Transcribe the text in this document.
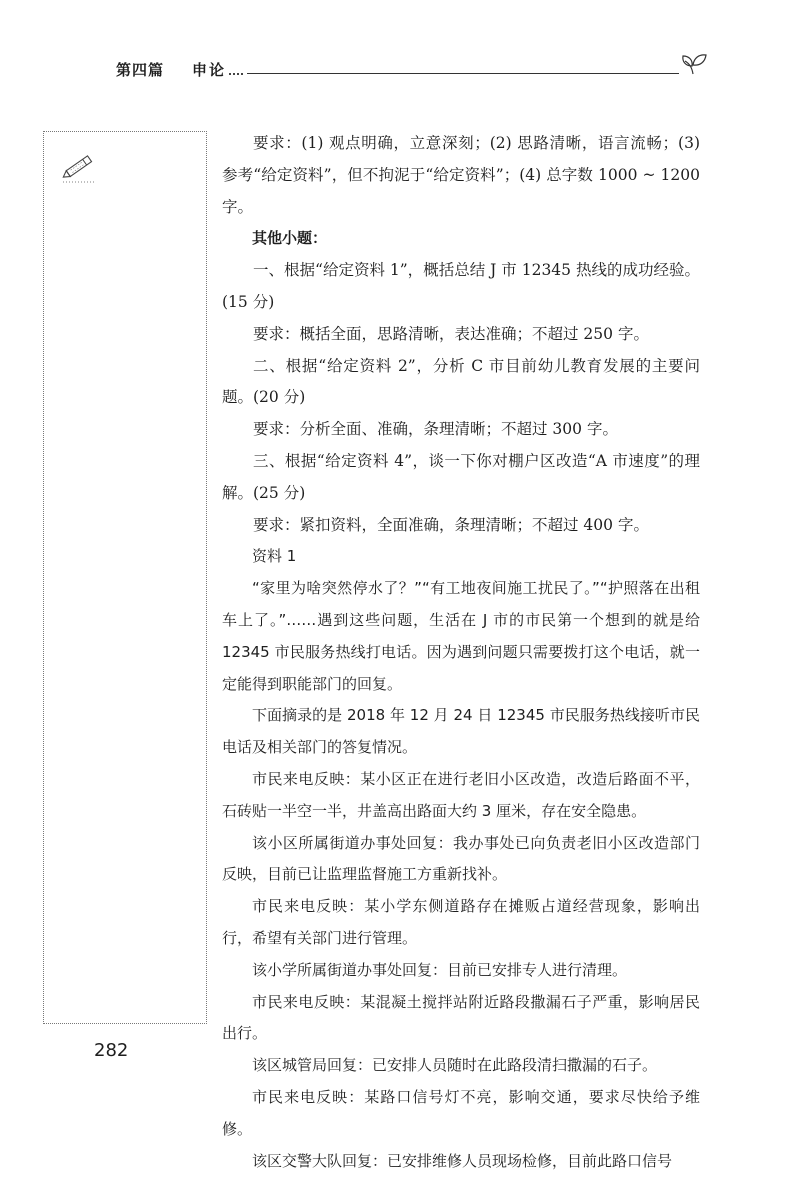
第四篇 申论

要求：(1) 观点明确，立意深刻；(2) 思路清晰，语言流畅；(3) 参考“给定资料”，但不拘泥于“给定资料”；(4) 总字数 1000 ~ 1200 字。

其他小题：

一、根据“给定资料 1”，概括总结 J 市 12345 热线的成功经验。(15 分)

要求：概括全面，思路清晰，表达准确；不超过 250 字。

二、根据“给定资料 2”，分析 C 市目前幼儿教育发展的主要问题。(20 分)

要求：分析全面、准确，条理清晰；不超过 300 字。

三、根据“给定资料 4”，谈一下你对棚户区改造“A 市速度”的理解。(25 分)

要求：紧扣资料，全面准确，条理清晰；不超过 400 字。

资料 1

“家里为啥突然停水了？”“有工地夜间施工扰民了。”“护照落在出租车上了。”……遇到这些问题，生活在 J 市的市民第一个想到的就是给 12345 市民服务热线打电话。因为遇到问题只需要拨打这个电话，就一定能得到职能部门的回复。

下面摘录的是 2018 年 12 月 24 日 12345 市民服务热线接听市民电话及相关部门的答复情况。

市民来电反映：某小区正在进行老旧小区改造，改造后路面不平，石砖贴一半空一半，井盖高出路面大约 3 厘米，存在安全隐患。

该小区所属街道办事处回复：我办事处已向负责老旧小区改造部门反映，目前已让监理监督施工方重新找补。

市民来电反映：某小学东侧道路存在摊贩占道经营现象，影响出行，希望有关部门进行管理。

该小学所属街道办事处回复：目前已安排专人进行清理。

市民来电反映：某混凝土搅拌站附近路段撒漏石子严重，影响居民出行。

该区城管局回复：已安排人员随时在此路段清扫撒漏的石子。

市民来电反映：某路口信号灯不亮，影响交通，要求尽快给予维修。

该区交警大队回复：已安排维修人员现场检修，目前此路口信号

282
